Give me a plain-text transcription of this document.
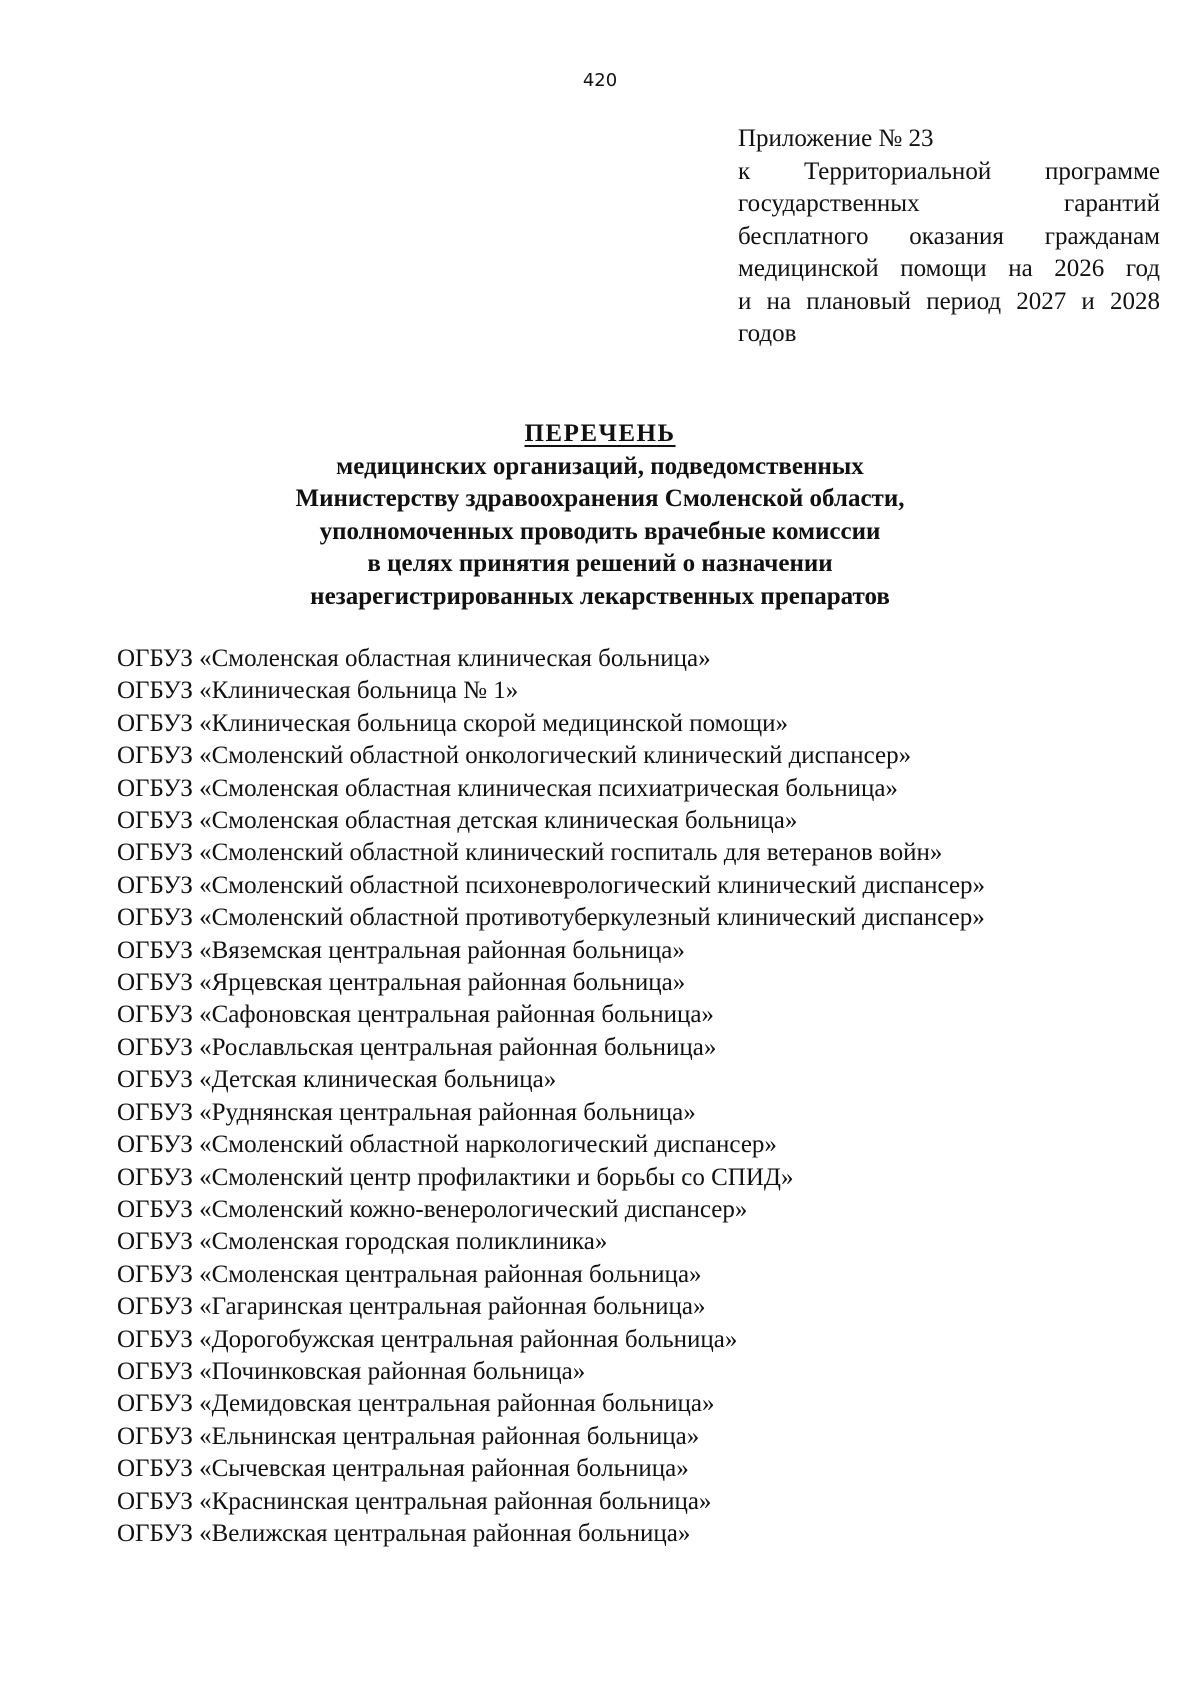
420
Приложение № 23
к Территориальной программе
государственных гарантий
бесплатного оказания гражданам
медицинской помощи на 2026 год
и на плановый период 2027 и 2028
годов
ПЕРЕЧЕНЬ
медицинских организаций, подведомственных
Министерству здравоохранения Смоленской области,
уполномоченных проводить врачебные комиссии
в целях принятия решений о назначении
незарегистрированных лекарственных препаратов
ОГБУЗ «Смоленская областная клиническая больница»
ОГБУЗ «Клиническая больница № 1»
ОГБУЗ «Клиническая больница скорой медицинской помощи»
ОГБУЗ «Смоленский областной онкологический клинический диспансер»
ОГБУЗ «Смоленская областная клиническая психиатрическая больница»
ОГБУЗ «Смоленская областная детская клиническая больница»
ОГБУЗ «Смоленский областной клинический госпиталь для ветеранов войн»
ОГБУЗ «Смоленский областной психоневрологический клинический диспансер»
ОГБУЗ «Смоленский областной противотуберкулезный клинический диспансер»
ОГБУЗ «Вяземская центральная районная больница»
ОГБУЗ «Ярцевская центральная районная больница»
ОГБУЗ «Сафоновская центральная районная больница»
ОГБУЗ «Рославльская центральная районная больница»
ОГБУЗ «Детская клиническая больница»
ОГБУЗ «Руднянская центральная районная больница»
ОГБУЗ «Смоленский областной наркологический диспансер»
ОГБУЗ «Смоленский центр профилактики и борьбы со СПИД»
ОГБУЗ «Смоленский кожно-венерологический диспансер»
ОГБУЗ «Смоленская городская поликлиника»
ОГБУЗ «Смоленская центральная районная больница»
ОГБУЗ «Гагаринская центральная районная больница»
ОГБУЗ «Дорогобужская центральная районная больница»
ОГБУЗ «Починковская районная больница»
ОГБУЗ «Демидовская центральная районная больница»
ОГБУЗ «Ельнинская центральная районная больница»
ОГБУЗ «Сычевская центральная районная больница»
ОГБУЗ «Краснинская центральная районная больница»
ОГБУЗ «Велижская центральная районная больница»
